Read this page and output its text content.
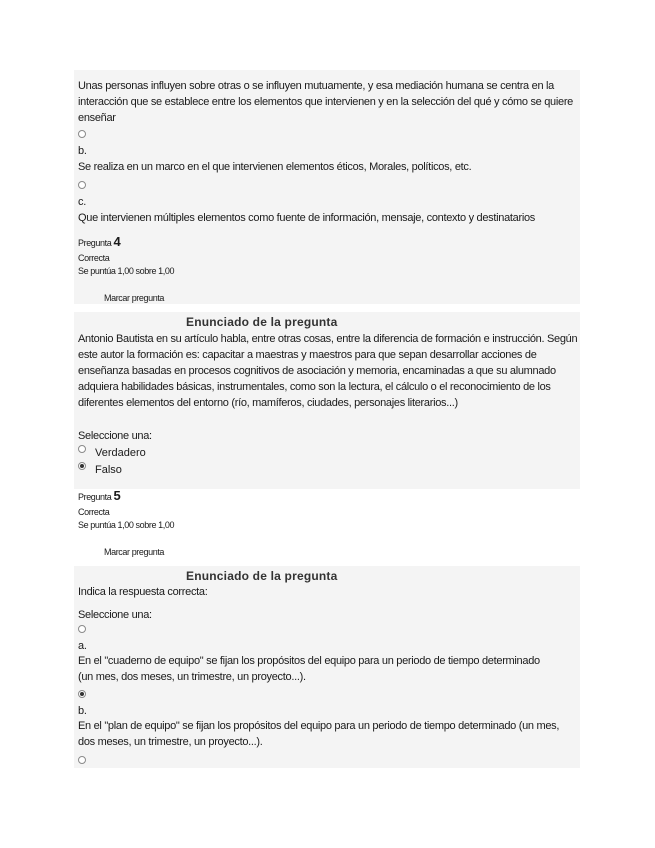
Unas personas influyen sobre otras o se influyen mutuamente, y esa mediación humana se centra en la interacción que se establece entre los elementos que intervienen y en la selección del qué y cómo se quiere enseñar
b.
Se realiza en un marco en el que intervienen elementos éticos, Morales, políticos, etc.
c.
Que intervienen múltiples elementos como fuente de información, mensaje, contexto y destinatarios
Pregunta 4
Correcta
Se puntúa 1,00 sobre 1,00
Marcar pregunta
Enunciado de la pregunta
Antonio Bautista en su artículo habla, entre otras cosas, entre la diferencia de formación e instrucción. Según este autor la formación es: capacitar a maestras y maestros para que sepan desarrollar acciones de enseñanza basadas en procesos cognitivos de asociación y memoria, encaminadas a que su alumnado adquiera habilidades básicas, instrumentales, como son la lectura, el cálculo o el reconocimiento de los diferentes elementos del entorno (río, mamíferos, ciudades, personajes literarios...)
Seleccione una:
Verdadero
Falso
Pregunta 5
Correcta
Se puntúa 1,00 sobre 1,00
Marcar pregunta
Enunciado de la pregunta
Indica la respuesta correcta:
Seleccione una:
a.
En el "cuaderno de equipo" se fijan los propósitos del equipo para un periodo de tiempo determinado (un mes, dos meses, un trimestre, un proyecto...).
b.
En el "plan de equipo" se fijan los propósitos del equipo para un periodo de tiempo determinado (un mes, dos meses, un trimestre, un proyecto...).
